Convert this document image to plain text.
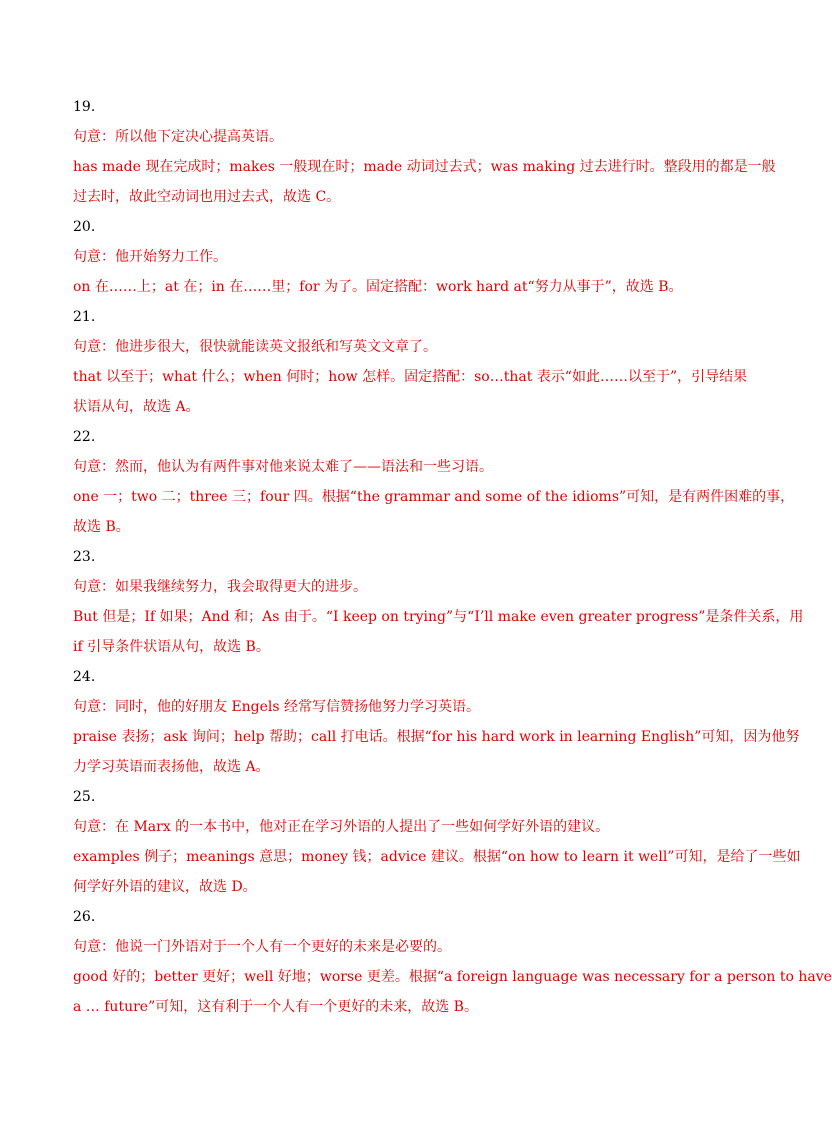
19.
句意：所以他下定决心提高英语。
has made 现在完成时；makes 一般现在时；made 动词过去式；was making 过去进行时。整段用的都是一般
过去时，故此空动词也用过去式，故选 C。
20.
句意：他开始努力工作。
on 在……上；at 在；in 在……里；for 为了。固定搭配：work hard at“努力从事于”，故选 B。
21.
句意：他进步很大，很快就能读英文报纸和写英文文章了。
that 以至于；what 什么；when 何时；how 怎样。固定搭配：so…that 表示“如此……以至于”，引导结果
状语从句，故选 A。
22.
句意：然而，他认为有两件事对他来说太难了——语法和一些习语。
one 一；two 二；three 三；four 四。根据“the grammar and some of the idioms”可知，是有两件困难的事，
故选 B。
23.
句意：如果我继续努力，我会取得更大的进步。
But 但是；If 如果；And 和；As 由于。“I keep on trying”与“I’ll make even greater progress”是条件关系，用
if 引导条件状语从句，故选 B。
24.
句意：同时，他的好朋友 Engels 经常写信赞扬他努力学习英语。
praise 表扬；ask 询问；help 帮助；call 打电话。根据“for his hard work in learning English”可知，因为他努
力学习英语而表扬他，故选 A。
25.
句意：在 Marx 的一本书中，他对正在学习外语的人提出了一些如何学好外语的建议。
examples 例子；meanings 意思；money 钱；advice 建议。根据“on how to learn it well”可知，是给了一些如
何学好外语的建议，故选 D。
26.
句意：他说一门外语对于一个人有一个更好的未来是必要的。
good 好的；better 更好；well 好地；worse 更差。根据“a foreign language was necessary for a person to have
a … future”可知，这有利于一个人有一个更好的未来，故选 B。
